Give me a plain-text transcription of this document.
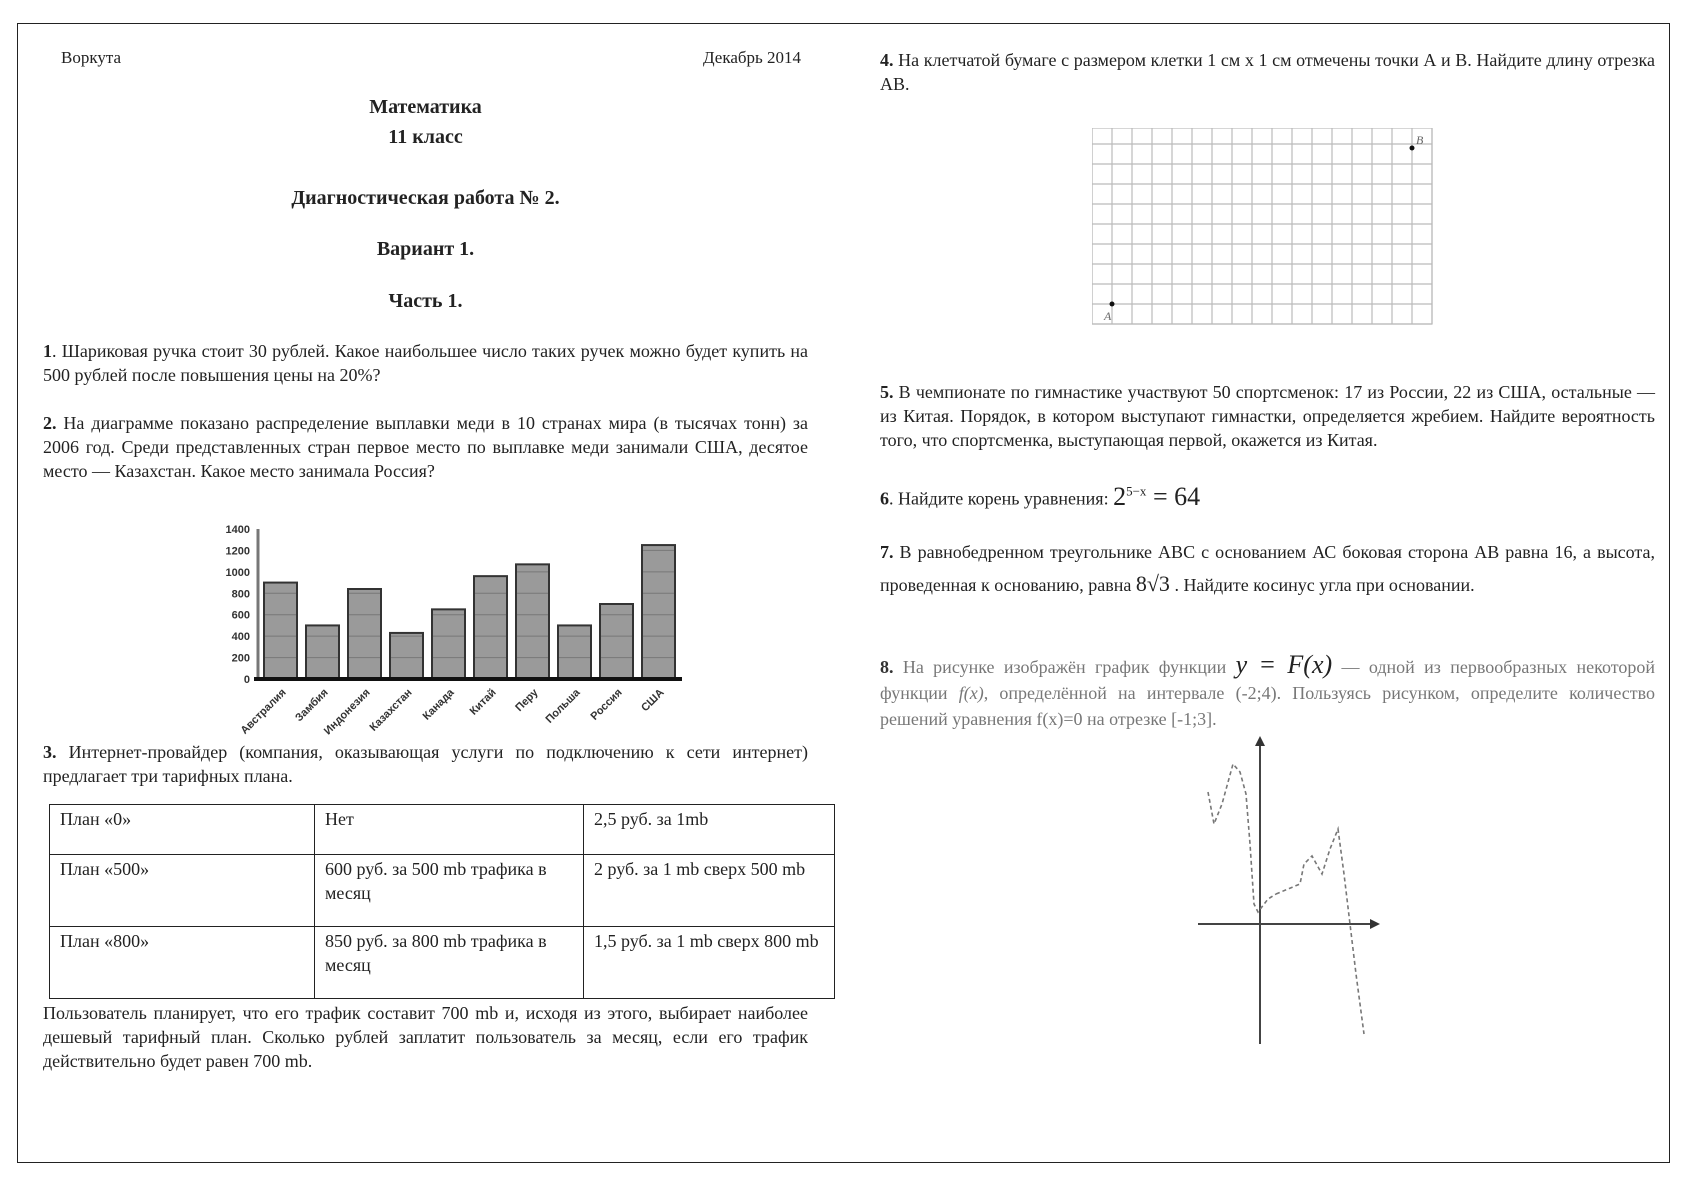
Воркута	Декабрь 2014
Математика
11 класс
Диагностическая работа № 2.
Вариант 1.
Часть 1.
1. Шариковая ручка стоит 30 рублей. Какое наибольшее число таких ручек можно будет купить на 500 рублей после повышения цены на 20%?
2. На диаграмме показано распределение выплавки меди в 10 странах мира (в тысячах тонн) за 2006 год. Среди представленных стран первое место по выплавке меди занимали США, десятое место — Казахстан. Какое место занимала Россия?
0
200
400
600
800
1000
1200
1400
Австралия Замбия
Индонезия
Казахстан Канада Китай Перу Польша Россия США
3. Интернет-провайдер (компания, оказывающая услуги по подключению к сети интернет) предлагает три тарифных плана.
План «0»	Нет	2,5 руб. за 1mb
План «500»	600 руб. за 500 mb трафика в месяц	2 руб. за 1 mb сверх 500 mb
План «800»	850 руб. за 800 mb трафика в месяц	1,5 руб. за 1 mb сверх 800 mb
Пользователь планирует, что его трафик составит 700 mb и, исходя из этого, выбирает наиболее дешевый тарифный план. Сколько рублей заплатит пользователь за месяц, если его трафик действительно будет равен 700 mb.
4. На клетчатой бумаге с размером клетки 1 см х 1 см отмечены точки А и В. Найдите длину отрезка АВ.
A
B
5. В чемпионате по гимнастике участвуют 50 спортсменок: 17 из России, 22 из США, остальные — из Китая. Порядок, в котором выступают гимнастки, определяется жребием. Найдите вероятность того, что спортсменка, выступающая первой, окажется из Китая.
6. Найдите корень уравнения: $2^{5-x} = 64$
7. В равнобедренном треугольнике АВС с основанием АС боковая сторона АВ равна 16, а высота, проведенная к основанию, равна 8√3 . Найдите косинус угла при основании.
8. На рисунке изображён график функции y = F(x) — одной из первообразных некоторой функции f(x), определённой на интервале (-2;4). Пользуясь рисунком, определите количество решений уравнения f(x)=0 на отрезке [-1;3].
